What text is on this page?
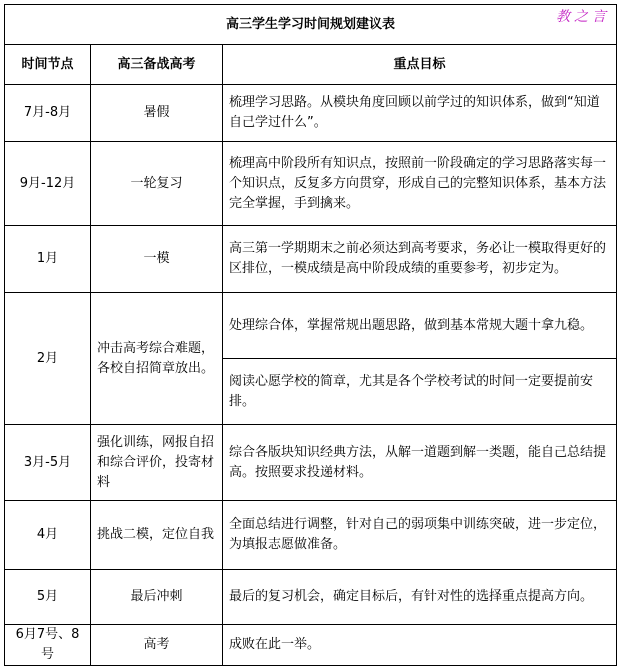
教之言
高三学生学习时间规划建议表		
时间节点	高三备战高考	重点目标
7月-8月	暑假	梳理学习思路。从模块角度回顾以前学过的知识体系，做到“知道自己学过什么”。
9月-12月	一轮复习	梳理高中阶段所有知识点，按照前一阶段确定的学习思路落实每一个知识点，反复多方向贯穿，形成自己的完整知识体系，基本方法完全掌握，手到擒来。
1月	一模	高三第一学期期末之前必须达到高考要求，务必让一模取得更好的区排位，一模成绩是高中阶段成绩的重要参考，初步定为。
2月	冲击高考综合难题，各校自招简章放出。	处理综合体，掌握常规出题思路，做到基本常规大题十拿九稳。
		阅读心愿学校的简章，尤其是各个学校考试的时间一定要提前安排。
3月-5月	强化训练，网报自招和综合评价，投寄材料	综合各版块知识经典方法，从解一道题到解一类题，能自己总结提高。按照要求投递材料。
4月	挑战二模，定位自我	全面总结进行调整，针对自己的弱项集中训练突破，进一步定位，为填报志愿做准备。
5月	最后冲刺	最后的复习机会，确定目标后，有针对性的选择重点提高方向。
6月7号、8号	高考	成败在此一举。
